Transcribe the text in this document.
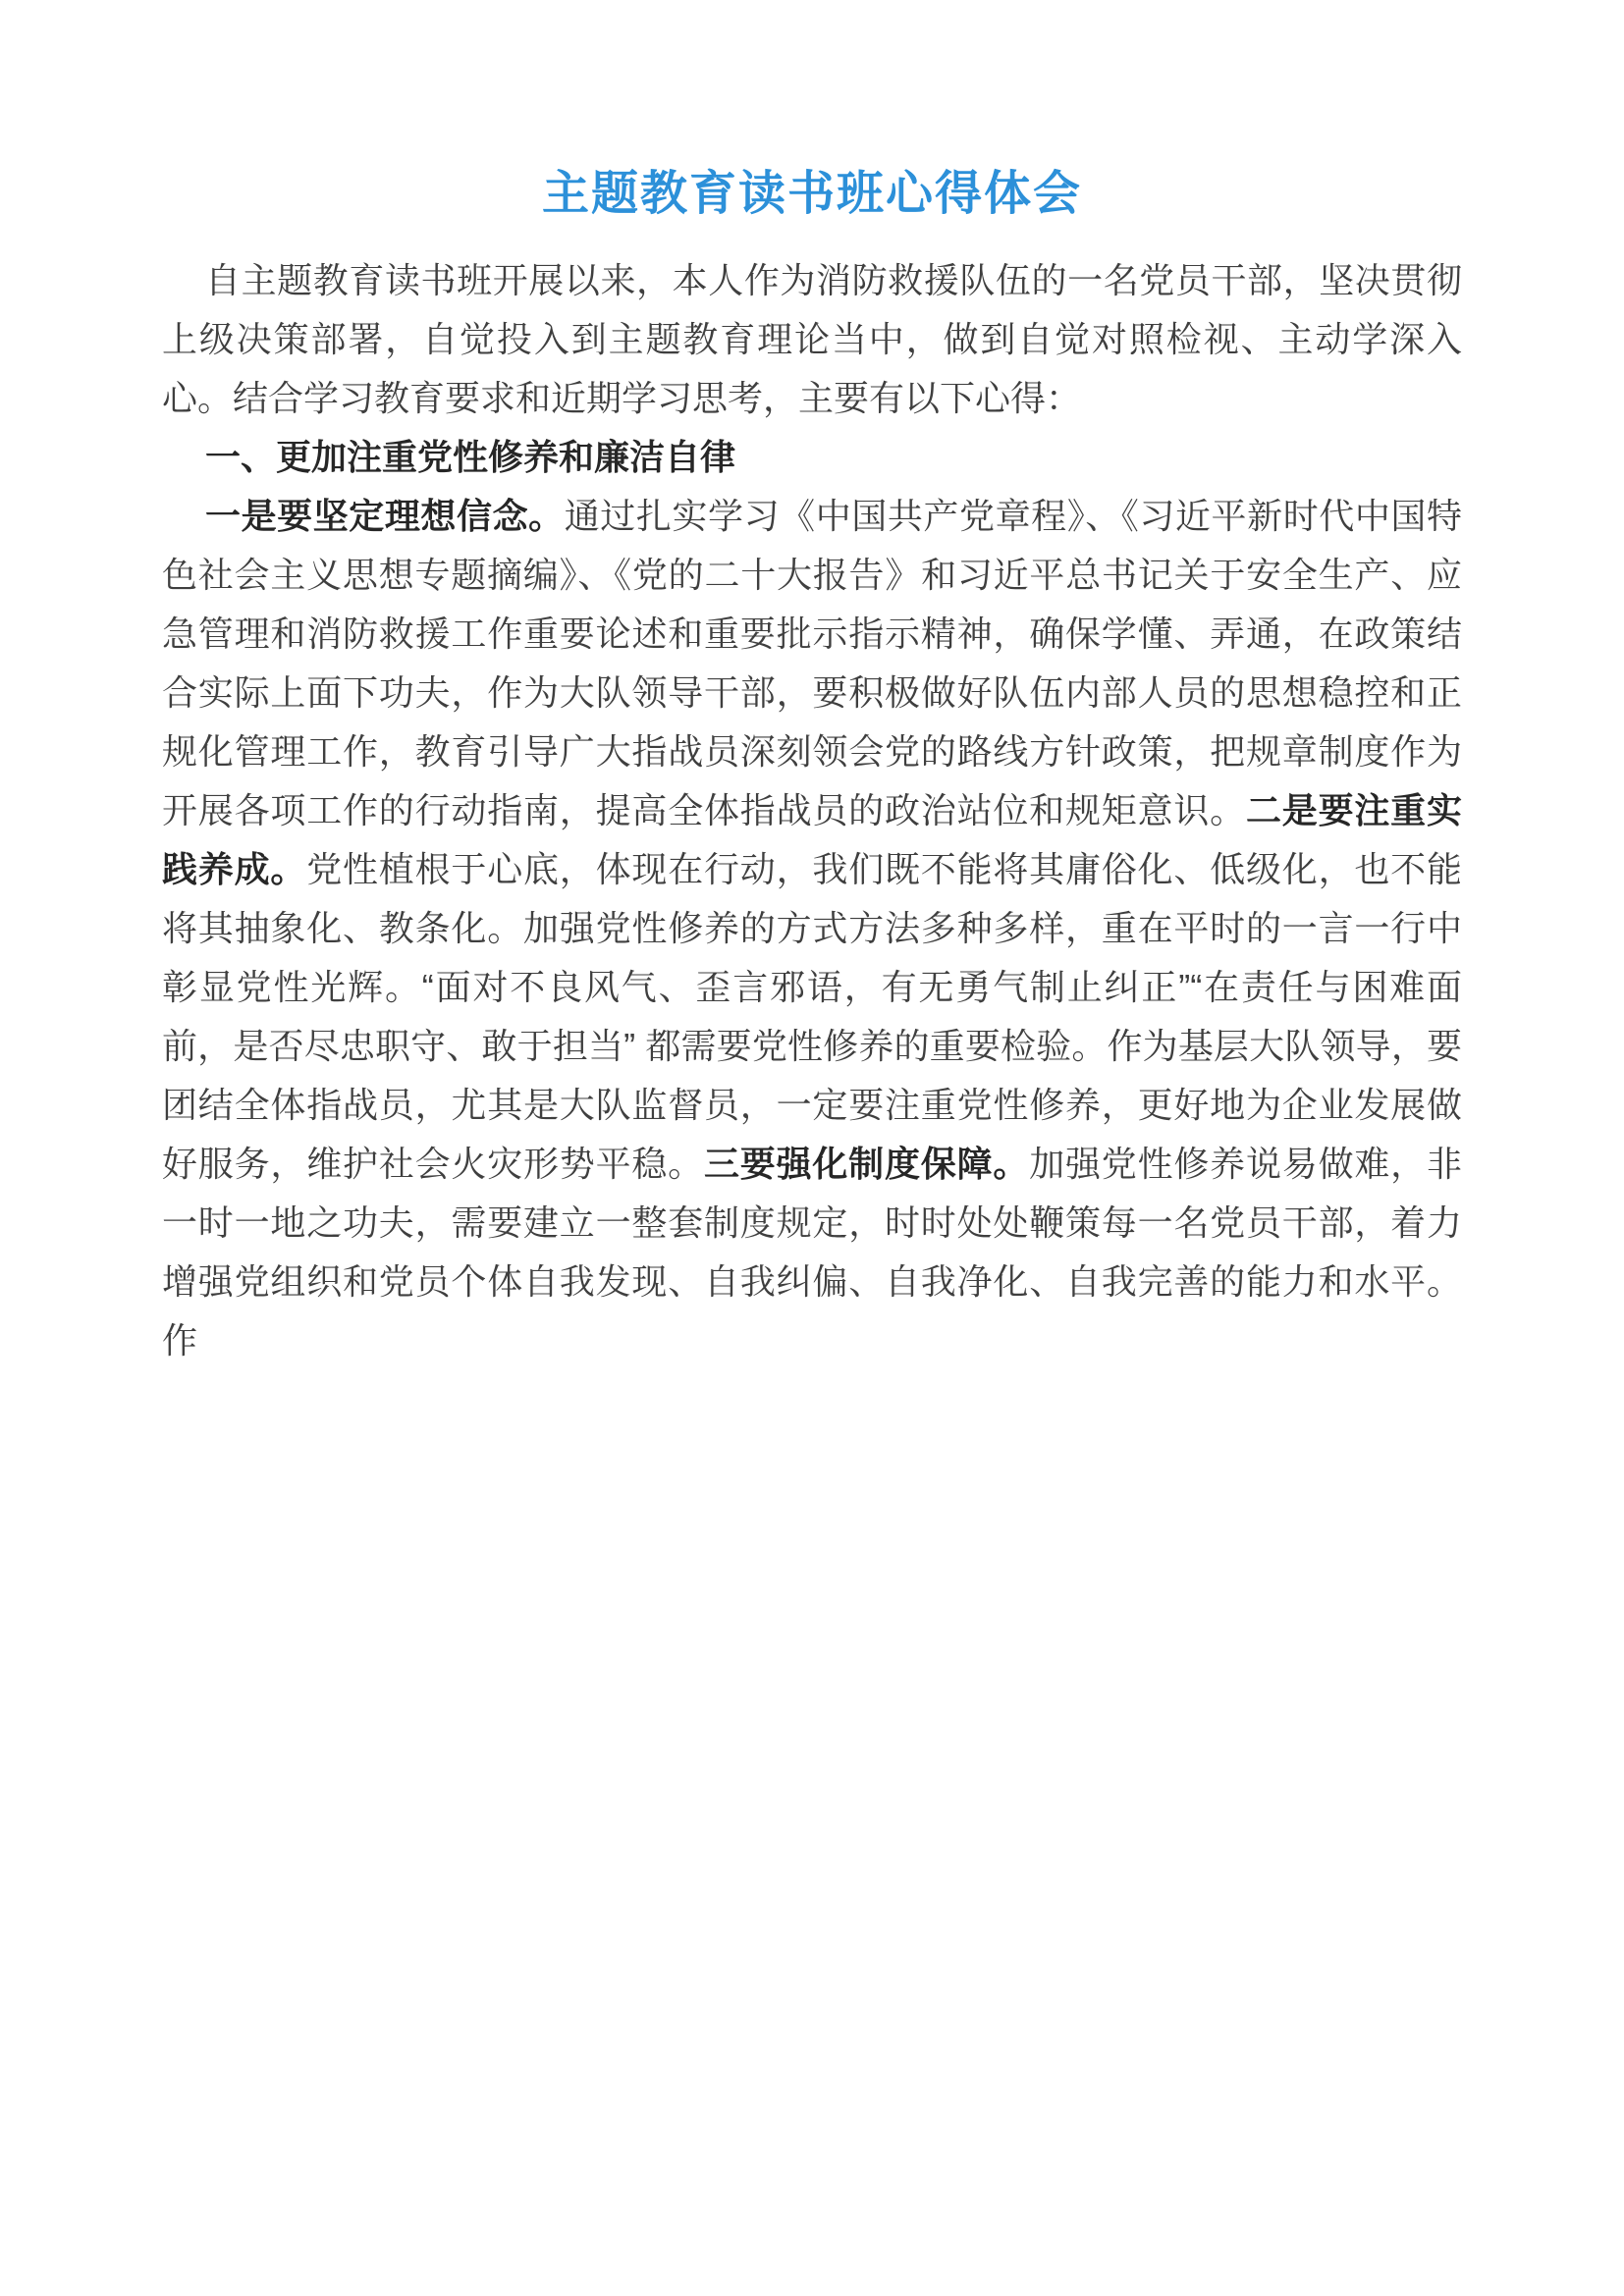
主题教育读书班心得体会

自主题教育读书班开展以来，本人作为消防救援队伍的一名党员干部，坚决贯彻上级决策部署，自觉投入到主题教育理论当中，做到自觉对照检视、主动学深入心。结合学习教育要求和近期学习思考，主要有以下心得：

一、更加注重党性修养和廉洁自律

一是要坚定理想信念。通过扎实学习《中国共产党章程》、《习近平新时代中国特色社会主义思想专题摘编》、《党的二十大报告》和习近平总书记关于安全生产、应急管理和消防救援工作重要论述和重要批示指示精神，确保学懂、弄通，在政策结合实际上面下功夫，作为大队领导干部，要积极做好队伍内部人员的思想稳控和正规化管理工作，教育引导广大指战员深刻领会党的路线方针政策，把规章制度作为开展各项工作的行动指南，提高全体指战员的政治站位和规矩意识。二是要注重实践养成。党性植根于心底，体现在行动，我们既不能将其庸俗化、低级化，也不能将其抽象化、教条化。加强党性修养的方式方法多种多样，重在平时的一言一行中彰显党性光辉。“面对不良风气、歪言邪语，有无勇气制止纠正”“在责任与困难面前，是否尽忠职守、敢于担当” 都需要党性修养的重要检验。作为基层大队领导，要团结全体指战员，尤其是大队监督员，一定要注重党性修养，更好地为企业发展做好服务，维护社会火灾形势平稳。三要强化制度保障。加强党性修养说易做难，非一时一地之功夫，需要建立一整套制度规定，时时处处鞭策每一名党员干部，着力增强党组织和党员个体自我发现、自我纠偏、自我净化、自我完善的能力和水平。作
